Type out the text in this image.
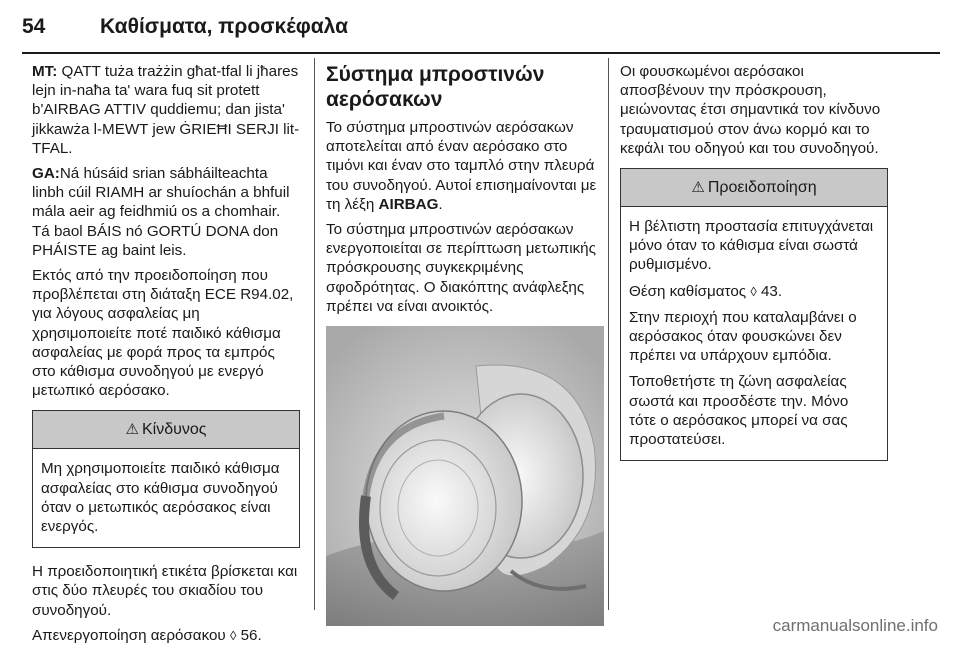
54	Καθίσματα, προσκέφαλα

MT: QATT tuża trażżin għat-tfal li jħares lejn in-naħa ta' wara fuq sit protett b'AIRBAG ATTIV quddiemu; dan jista' jikkawża l-MEWT jew ĠRIEĦI SERJI lit-TFAL.

GA:Ná húsáid srian sábháilteachta linbh cúil RIAMH ar shuíochán a bhfuil mála aeir ag feidhmiú os a chomhair. Tá baol BÁIS nó GORTÚ DONA don PHÁISTE ag baint leis.

Εκτός από την προειδοποίηση που προβλέπεται στη διάταξη ECE R94.02, για λόγους ασφαλείας μη χρησιμοποιείτε ποτέ παιδικό κάθισμα ασφαλείας με φορά προς τα εμπρός στο κάθισμα συνοδηγού με ενεργό μετωπικό αερόσακο.

⚠ Κίνδυνος

Μη χρησιμοποιείτε παιδικό κάθισμα ασφαλείας στο κάθισμα συνοδηγού όταν ο μετωπικός αερόσακος είναι ενεργός.

Η προειδοποιητική ετικέτα βρίσκεται και στις δύο πλευρές του σκιαδίου του συνοδηγού.

Απενεργοποίηση αερόσακου ◊ 56.

Σύστημα μπροστινών αερόσακων

Το σύστημα μπροστινών αερόσακων αποτελείται από έναν αερόσακο στο τιμόνι και έναν στο ταμπλό στην πλευρά του συνοδηγού. Αυτοί επισημαίνονται με τη λέξη AIRBAG.

Το σύστημα μπροστινών αερόσακων ενεργοποιείται σε περίπτωση μετωπικής πρόσκρουσης συγκεκριμένης σφοδρότητας. Ο διακόπτης ανάφλεξης πρέπει να είναι ανοικτός.

Οι φουσκωμένοι αερόσακοι αποσβένουν την πρόσκρουση, μειώνοντας έτσι σημαντικά τον κίνδυνο τραυματισμού στον άνω κορμό και το κεφάλι του οδηγού και του συνοδηγού.

⚠ Προειδοποίηση

Η βέλτιστη προστασία επιτυγχάνεται μόνο όταν το κάθισμα είναι σωστά ρυθμισμένο.

Θέση καθίσματος ◊ 43.

Στην περιοχή που καταλαμβάνει ο αερόσακος όταν φουσκώνει δεν πρέπει να υπάρχουν εμπόδια.

Τοποθετήστε τη ζώνη ασφαλείας σωστά και προσδέστε την. Μόνο τότε ο αερόσακος μπορεί να σας προστατεύσει.

carmanualsonline.info
